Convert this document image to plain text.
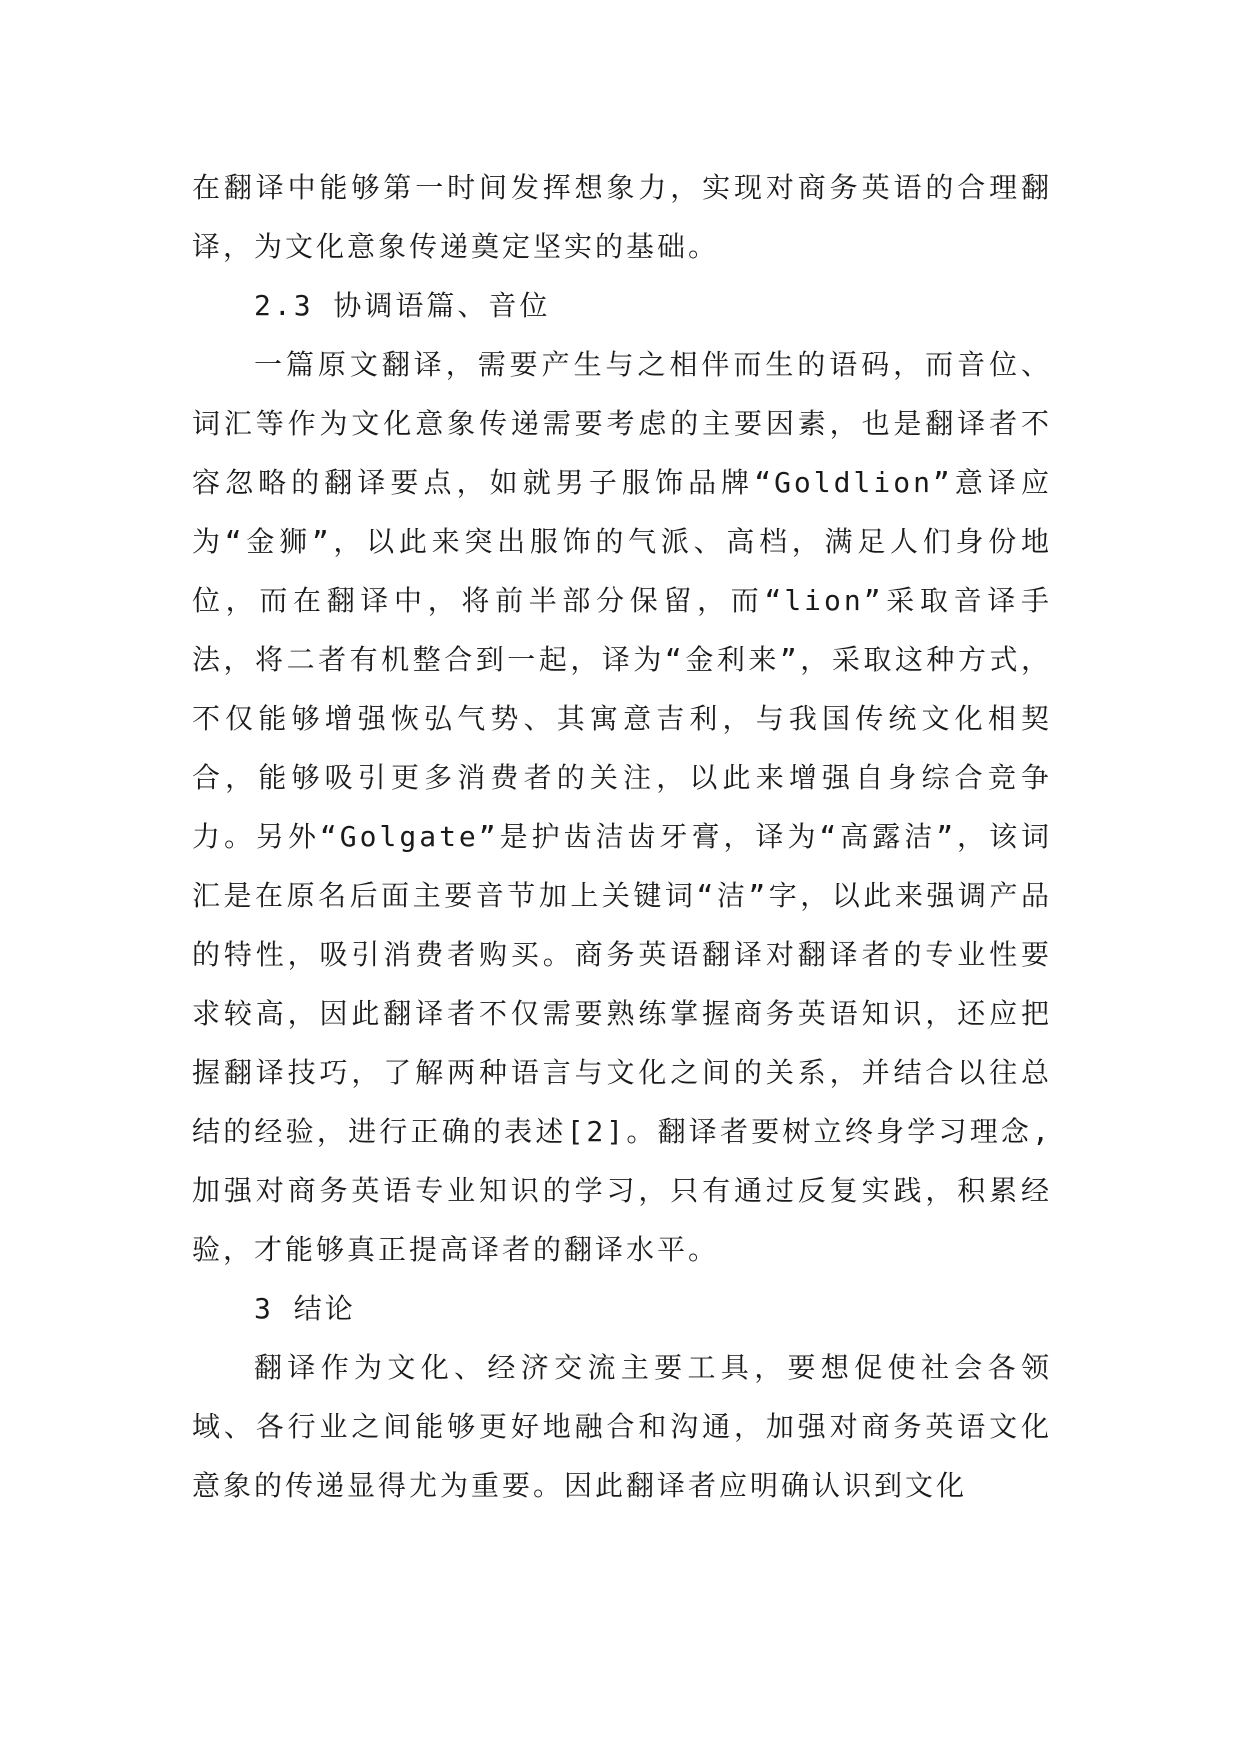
在翻译中能够第一时间发挥想象力，实现对商务英语的合理翻译，为文化意象传递奠定坚实的基础。

2.3 协调语篇、音位

一篇原文翻译，需要产生与之相伴而生的语码，而音位、词汇等作为文化意象传递需要考虑的主要因素，也是翻译者不容忽略的翻译要点，如就男子服饰品牌“Goldlion”意译应为“金狮”，以此来突出服饰的气派、高档，满足人们身份地位，而在翻译中，将前半部分保留，而“lion”采取音译手法，将二者有机整合到一起，译为“金利来”，采取这种方式，不仅能够增强恢弘气势、其寓意吉利，与我国传统文化相契合，能够吸引更多消费者的关注，以此来增强自身综合竞争力。另外“Golgate”是护齿洁齿牙膏，译为“高露洁”，该词汇是在原名后面主要音节加上关键词“洁”字，以此来强调产品的特性，吸引消费者购买。商务英语翻译对翻译者的专业性要求较高，因此翻译者不仅需要熟练掌握商务英语知识，还应把握翻译技巧，了解两种语言与文化之间的关系，并结合以往总结的经验，进行正确的表述[2]。翻译者要树立终身学习理念,加强对商务英语专业知识的学习，只有通过反复实践，积累经验，才能够真正提高译者的翻译水平。

3 结论

翻译作为文化、经济交流主要工具，要想促使社会各领域、各行业之间能够更好地融合和沟通，加强对商务英语文化意象的传递显得尤为重要。因此翻译者应明确认识到文化
